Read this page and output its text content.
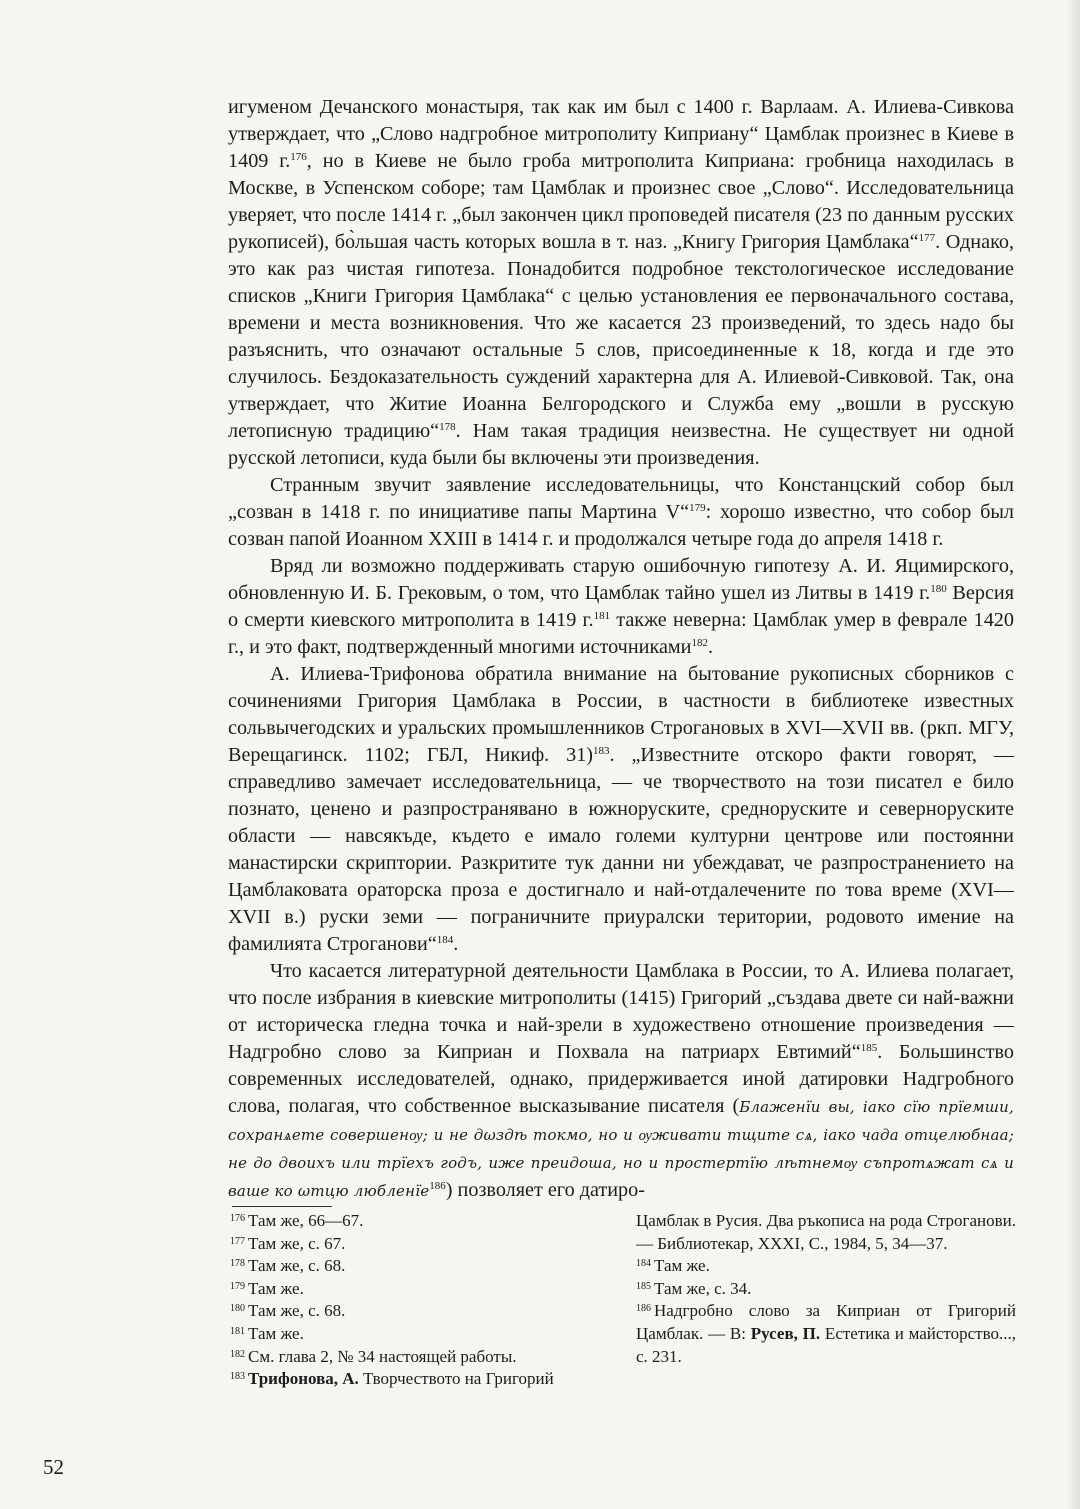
игуменом Дечанского монастыря, так как им был с 1400 г. Варлаам. А. Илиева-Сивкова утверждает, что „Слово надгробное митрополиту Киприану“ Цамблак произнес в Киеве в 1409 г.$^{176}$, но в Киеве не было гроба митрополита Киприана: гробница находилась в Москве, в Успенском соборе; там Цамблак и произнес свое „Слово“. Исследовательница уверяет, что после 1414 г. „был закончен цикл проповедей писателя (23 по данным русских рукописей), бо̀льшая часть которых вошла в т. наз. „Книгу Григория Цамблака“$^{177}$. Однако, это как раз чистая гипотеза. Понадобится подробное текстологическое исследование списков „Книги Григория Цамблака“ с целью установления ее первоначального состава, времени и места возникновения. Что же касается 23 произведений, то здесь надо бы разъяснить, что означают остальные 5 слов, присоединенные к 18, когда и где это случилось. Бездоказательность суждений характерна для А. Илиевой-Сивковой. Так, она утверждает, что Житие Иоанна Белгородского и Служба ему „вошли в русскую летописную традицию“$^{178}$. Нам такая традиция неизвестна. Не существует ни одной русской летописи, куда были бы включены эти произведения.

Странным звучит заявление исследовательницы, что Констанцский собор был „созван в 1418 г. по инициативе папы Мартина V“$^{179}$: хорошо известно, что собор был созван папой Иоанном XXIII в 1414 г. и продолжался четыре года до апреля 1418 г.

Вряд ли возможно поддерживать старую ошибочную гипотезу А. И. Яцимирского, обновленную И. Б. Грековым, о том, что Цамблак тайно ушел из Литвы в 1419 г.$^{180}$ Версия о смерти киевского митрополита в 1419 г.$^{181}$ также неверна: Цамблак умер в феврале 1420 г., и это факт, подтвержденный многими источниками$^{182}$.

А. Илиева-Трифонова обратила внимание на бытование рукописных сборников с сочинениями Григория Цамблака в России, в частности в библиотеке известных сольвычегодских и уральских промышленников Строгановых в XVI—XVII вв. (ркп. МГУ, Верещагинск. 1102; ГБЛ, Никиф. 31)$^{183}$. „Известните отскоро факти говорят, — справедливо замечает исследовательница, — че творчеството на този писател е било познато, ценено и разпространявано в южноруските, средноруските и северноруските области — навсякъде, където е имало големи културни центрове или постоянни манастирски скриптории. Разкритите тук данни ни убеждават, че разпространението на Цамблаковата ораторска проза е достигнало и най-отдалечените по това време (XVI—XVII в.) руски земи — пограничните приуралски територии, родовото имение на фамилията Строганови“$^{184}$.

Что касается литературной деятельности Цамблака в России, то А. Илиева полагает, что после избрания в киевские митрополиты (1415) Григорий „създава двете си най-важни от историческа гледна точка и най-зрели в художествено отношение произведения — Надгробно слово за Киприан и Похвала на патриарх Евтимий“$^{185}$. Большинство современных исследователей, однако, придерживается иной датировки Надгробного слова, полагая, что собственное высказывание писателя (Блаженїи вы, іако сїю прїемши, сохранѧете совершенѹ; и не дωздѣ токмо, но и ѹживати тщите сѧ, іако чада отцелюбнаа; не до двоихъ или трїехъ годъ, иже преидоша, но и простертїю лѣтнемѹ съпротѧжат сѧ и ваше ко ωтцю любленїе$^{186}$) позволяет его датиро-

$^{176}$ Там же, 66—67.
$^{177}$ Там же, с. 67.
$^{178}$ Там же, с. 68.
$^{179}$ Там же.
$^{180}$ Там же, с. 68.
$^{181}$ Там же.
$^{182}$ См. глава 2, № 34 настоящей работы.
$^{183}$ Трифонова, А. Творчеството на Григорий
Цамблак в Русия. Два ръкописа на рода Строганови. — Библиотекар, XXXI, С., 1984, 5, 34—37.
$^{184}$ Там же.
$^{185}$ Там же, с. 34.
$^{186}$ Надгробно слово за Киприан от Григорий Цамблак. — В: Русев, П. Естетика и майсторство..., с. 231.
52
